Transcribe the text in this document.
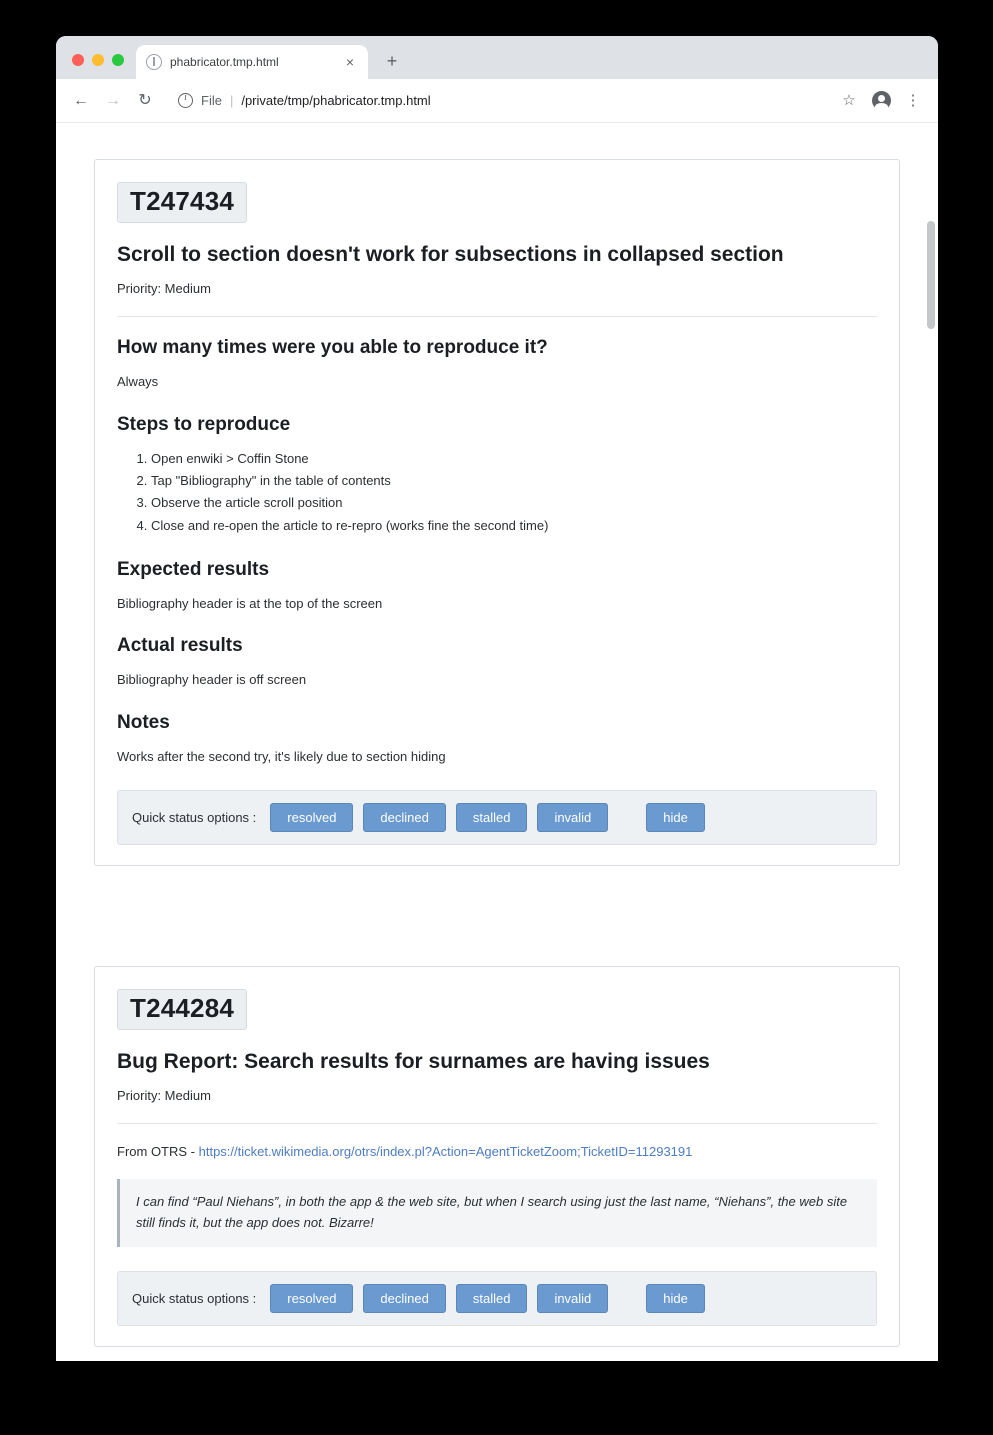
phabricator.tmp.html	×	+
←	→	↻ i	File | /private/tmp/phabricator.tmp.html	☆	⋮
T247434
Scroll to section doesn't work for subsections in collapsed section

Priority: Medium

How many times were you able to reproduce it?

Always

Steps to reproduce
1. Open enwiki > Coffin Stone
2. Tap "Bibliography" in the table of contents
3. Observe the article scroll position
4. Close and re-open the article to re-repro (works fine the second time)
Expected results

Bibliography header is at the top of the screen

Actual results

Bibliography header is off screen

Notes

Works after the second try, it's likely due to section hiding

Quick status options :	resolved	declined	stalled	invalid	hide
T244284
Bug Report: Search results for surnames are having issues

Priority: Medium

From OTRS - https://ticket.wikimedia.org/otrs/index.pl?Action=AgentTicketZoom;TicketID=11293191

I can find “Paul Niehans”, in both the app & the web site, but when I search using just the last name, “Niehans”, the web site still finds it, but the app does not. Bizarre!
Quick status options :	resolved	declined	stalled	invalid	hide
